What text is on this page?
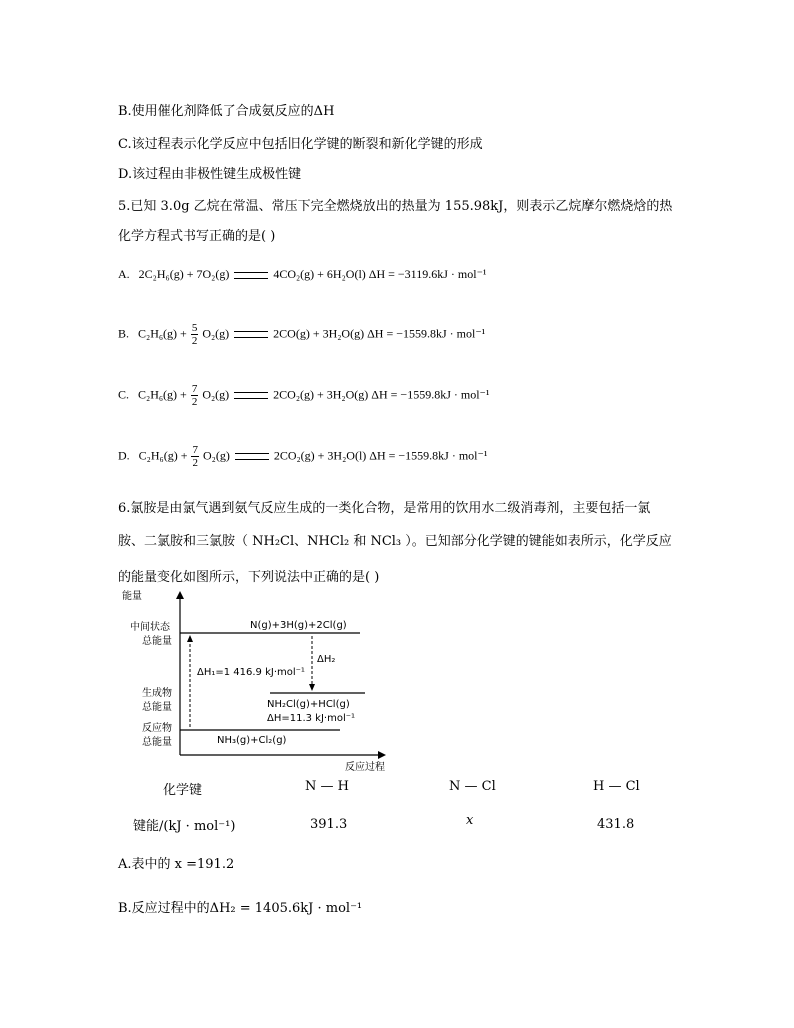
B.使用催化剂降低了合成氨反应的ΔH
C.该过程表示化学反应中包括旧化学键的断裂和新化学键的形成
D.该过程由非极性键生成极性键
5.已知 3.0g 乙烷在常温、常压下完全燃烧放出的热量为 155.98kJ，则表示乙烷摩尔燃烧焓的热
化学方程式书写正确的是( )
A. 2C₂H₆(g) + 7O₂(g)	4CO₂(g) + 6H₂O(l) ΔH = −3119.6kJ · mol⁻¹
B. $C_2H_6(g) + \frac{5}{2} O_2(g)$	2CO(g) + 3H₂O(g) ΔH = −1559.8kJ · mol⁻¹
C. $C_2H_6(g) + \frac{7}{2} O_2(g)$	2CO₂(g) + 3H₂O(g) ΔH = −1559.8kJ · mol⁻¹
D. $C_2H_6(g) + \frac{7}{2} O_2(g)$	2CO₂(g) + 3H₂O(l) ΔH = −1559.8kJ · mol⁻¹
6.氯胺是由氯气遇到氨气反应生成的一类化合物，是常用的饮用水二级消毒剂，主要包括一氯
胺、二氯胺和三氯胺（ NH₂Cl、NHCl₂ 和 NCl₃ ）。已知部分化学键的键能如表所示，化学反应
的能量变化如图所示，下列说法中正确的是( )
能量
反应过程
中间状态
总能量
生成物
总能量
反应物
总能量
N(g)+3H(g)+2Cl(g)
NH₂Cl(g)+HCl(g)
NH₃(g)+Cl₂(g)
ΔH₁=1 416.9 kJ·mol⁻¹
ΔH₂
ΔH=11.3 kJ·mol⁻¹
化学键	N — H	N — Cl	H — Cl
键能/(kJ · mol⁻¹)	391.3	x	431.8
A.表中的 x =191.2
B.反应过程中的ΔH₂ = 1405.6kJ · mol⁻¹
